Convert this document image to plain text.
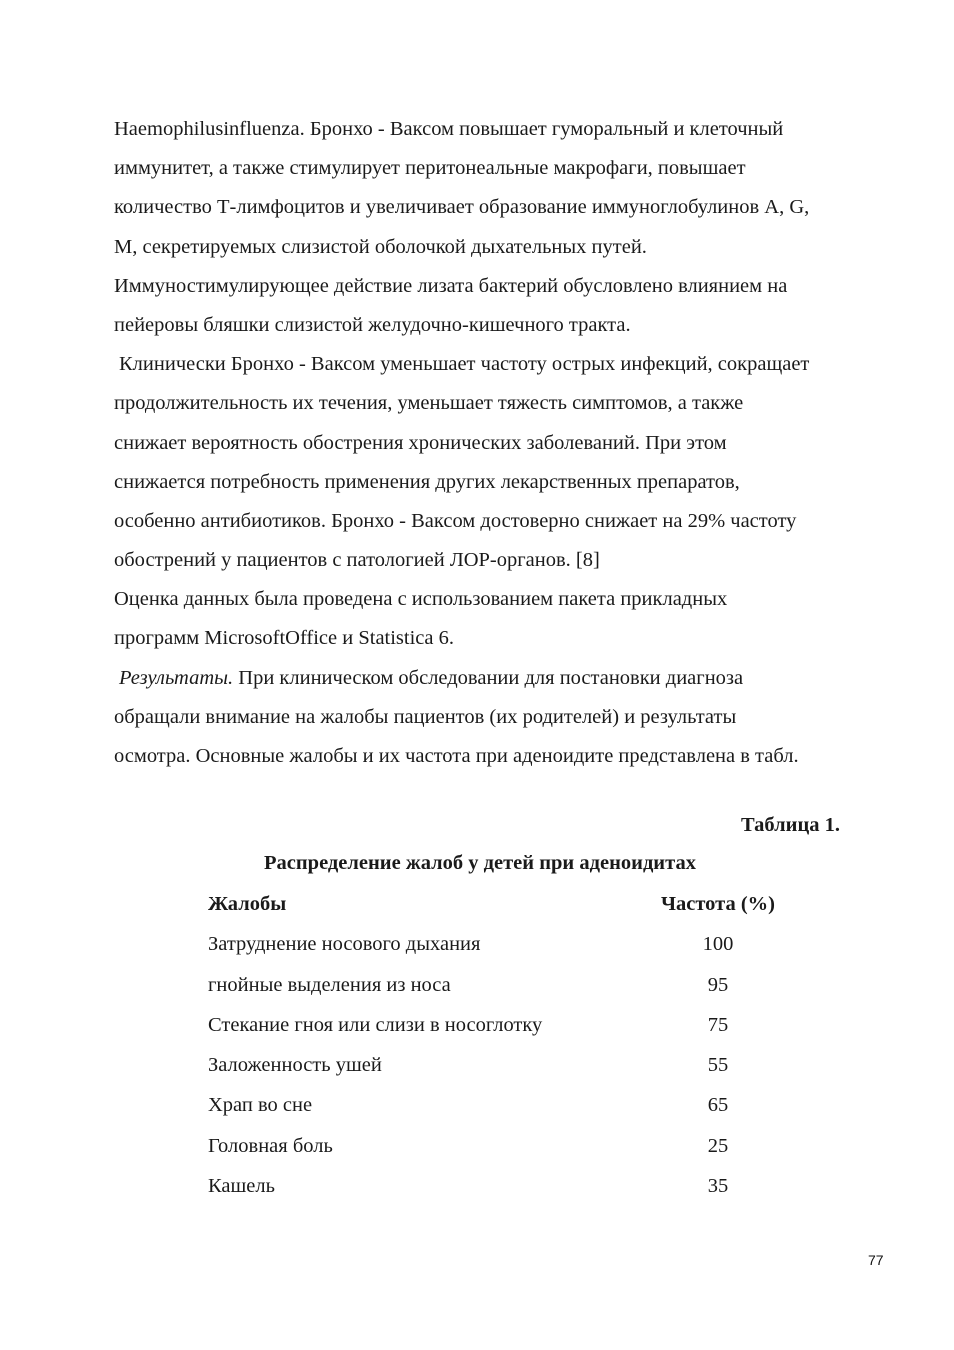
Haemophilusinfluenza. Бронхо - Ваксом повышает гуморальный и клеточный
иммунитет, а также стимулирует перитонеальные макрофаги, повышает
количество Т-лимфоцитов и увеличивает образование иммуноглобулинов A, G,
M, секретируемых слизистой оболочкой дыхательных путей.
Иммуностимулирующее действие лизата бактерий обусловлено влиянием на
пейеровы бляшки слизистой желудочно-кишечного тракта.
Клинически Бронхо - Ваксом уменьшает частоту острых инфекций, сокращает
продолжительность их течения, уменьшает тяжесть симптомов, а также
снижает вероятность обострения хронических заболеваний. При этом
снижается потребность применения других лекарственных препаратов,
особенно антибиотиков. Бронхо - Ваксом достоверно снижает на 29% частоту
обострений у пациентов с патологией ЛОР-органов. [8]
Оценка данных была проведена с использованием пакета прикладных
программ MicrosoftOffice и Statistica 6.
Результаты. При клиническом обследовании для постановки диагноза
обращали внимание на жалобы пациентов (их родителей) и результаты
осмотра. Основные жалобы и их частота при аденоидите представлена в табл.
Таблица 1.
Распределение жалоб у детей при аденоидитах
Жалобы	Частота (%)
Затруднение носового дыхания	100
гнойные выделения из носа	95
Стекание гноя или слизи в носоглотку	75
Заложенность ушей	55
Храп во сне	65
Головная боль	25
Кашель	35
77
